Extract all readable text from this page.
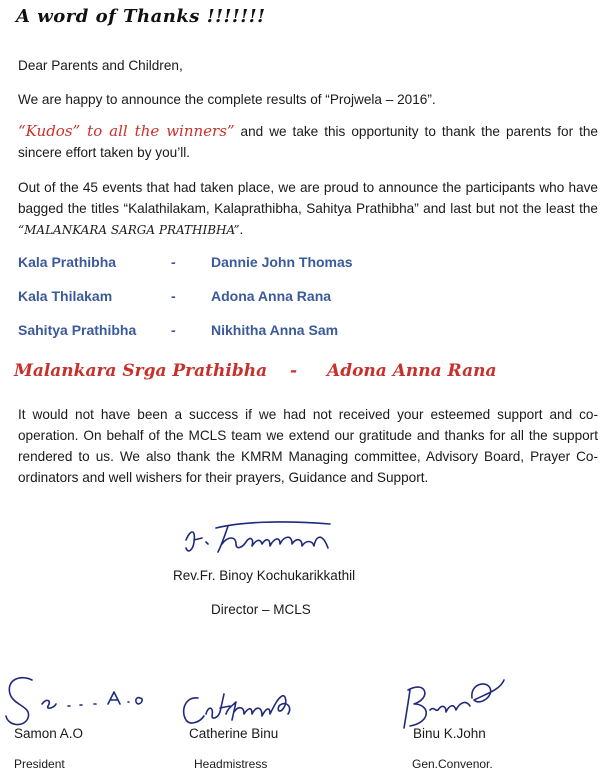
A word of Thanks !!!!!!!
Dear Parents and Children,
We are happy to announce the complete results of “Projwela – 2016”.
“Kudos” to all the winners” and we take this opportunity to thank the parents for the sincere effort taken by you’ll.
Out of the 45 events that had taken place, we are proud to announce the participants who have bagged the titles “Kalathilakam, Kalaprathibha, Sahitya Prathibha” and last but not the least the “MALANKARA SARGA PRATHIBHA”.
Kala Prathibha	-	Dannie John Thomas
Kala Thilakam	-	Adona Anna Rana
Sahitya Prathibha -	Nikhitha Anna Sam
Malankara Srga Prathibha - Adona Anna Rana
It would not have been a success if we had not received your esteemed support and co-operation. On behalf of the MCLS team we extend our gratitude and thanks for all the support rendered to us. We also thank the KMRM Managing committee, Advisory Board, Prayer Co-ordinators and well wishers for their prayers, Guidance and Support.
Rev.Fr. Binoy Kochukarikkathil
Director – MCLS
Samon A.O	Catherine Binu	Binu K.John
President	Headmistress	Gen.Convenor.
